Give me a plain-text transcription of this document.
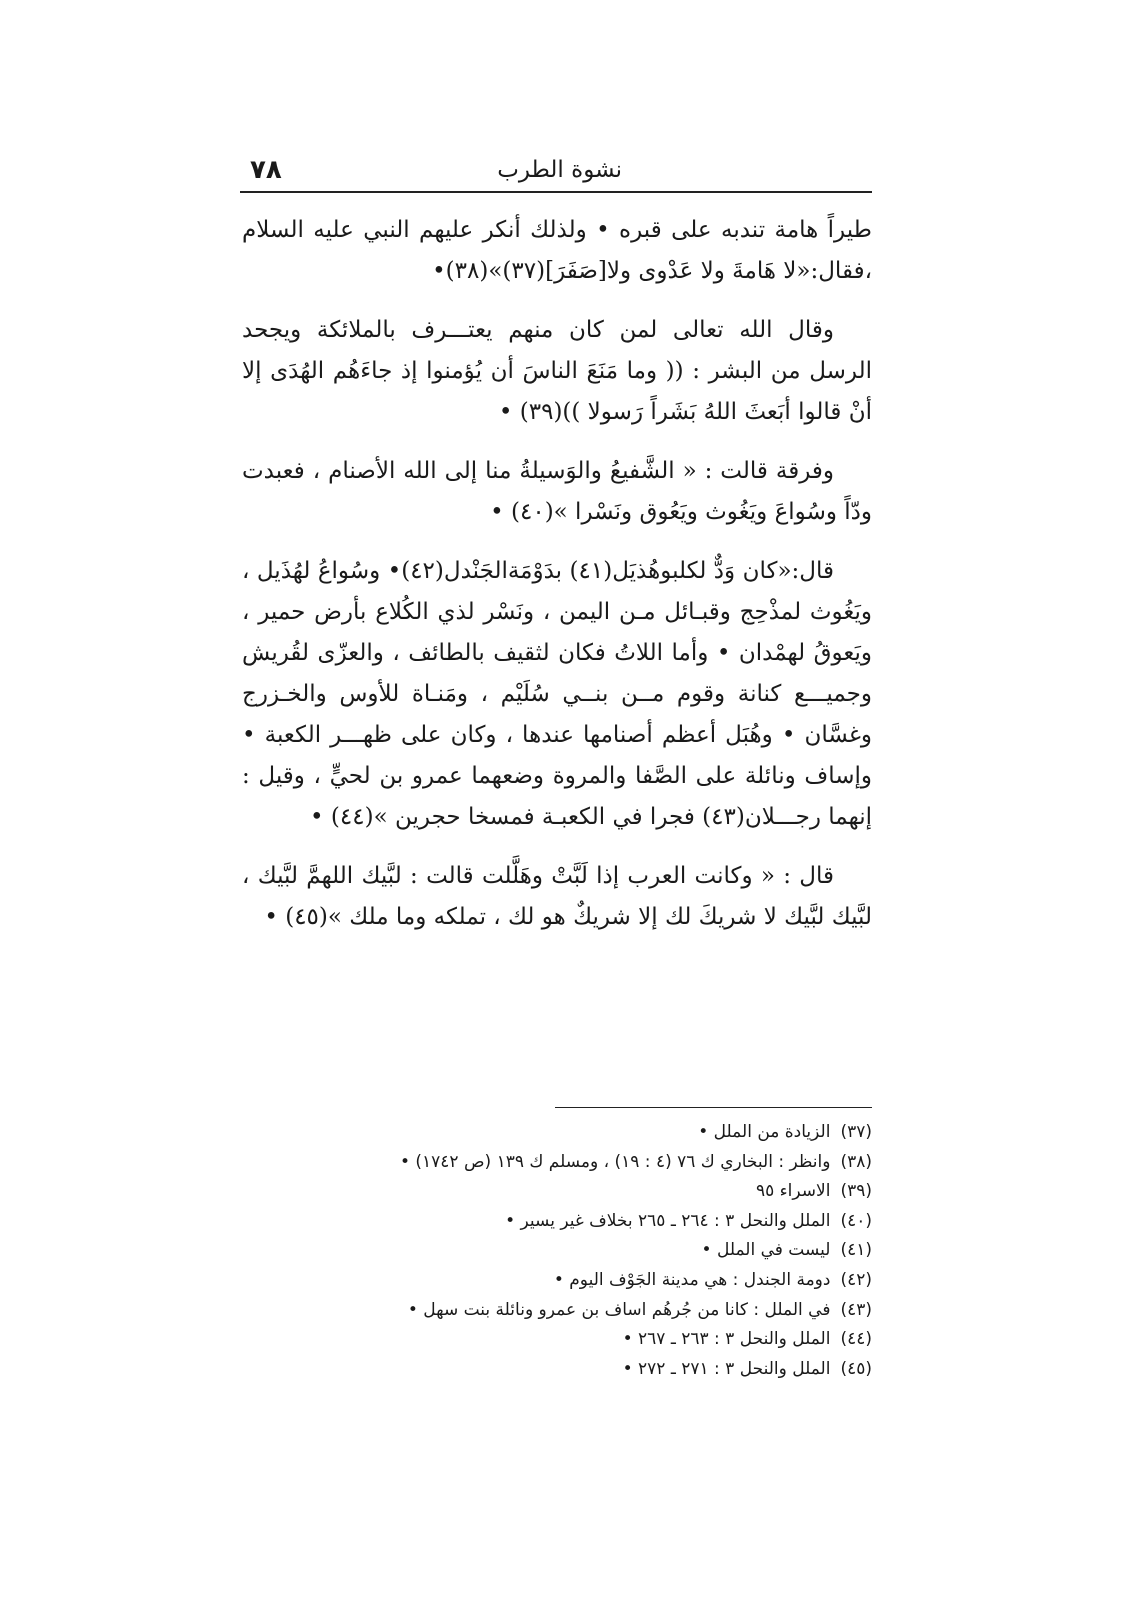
٧٨	نشوة الطرب

طيراً هامة تندبه على قبره • ولذلك أنكر عليهم النبي عليه السلام ،فقال:«لا هَامةَ ولا عَدْوى ولا[صَفَرَ](٣٧)»(٣٨)•

وقال الله تعالى لمن كان منهم يعتـــرف بالملائكة ويجحد الرسل من البشر : (( وما مَنَعَ الناسَ أن يُؤمنوا إذ جاءَهُم الهُدَى إلا أنْ قالوا أبَعثَ اللهُ بَشَراً رَسولا ))(٣٩) •

وفرقة قالت : « الشَّفيعُ والوَسيلةُ منا إلى الله الأصنام ، فعبدت ودّاً وسُواعَ ويَغُوث ويَعُوق ونَسْرا »(٤٠) •

قال:«كان وَدٌّ لكلبوهُذيَل(٤١) بدَوْمَةالجَنْدل(٤٢)• وسُواعُ لهُذَيل ، ويَغُوث لمذْحِج وقبـائل مـن اليمن ، ونَسْر لذي الكُلاع بأرض حمير ، ويَعوقُ لهمْدان • وأما اللاتُ فكان لثقيف بالطائف ، والعزّى لقُريش وجميـــع كنانة وقوم مــن بنــي سُلَيْم ، ومَنـاة للأوس والخـزرج وغسَّان • وهُبَل أعظم أصنامها عندها ، وكان على ظهـــر الكعبة • وإساف ونائلة على الصَّفا والمروة وضعهما عمرو بن لحيٍّ ، وقيل : إنهما رجـــلان(٤٣) فجرا في الكعبـة فمسخا حجرين »(٤٤) •

قال : « وكانت العرب إذا لَبَّتْ وهَلَّلت قالت : لبَّيك اللهمَّ لبَّيك ، لبَّيك لبَّيك لا شريكَ لك إلا شريكٌ هو لك ، تملكه وما ملك »(٤٥) •

(٣٧)الزيادة من الملل •
(٣٨)وانظر : البخاري ك ٧٦ (٤ : ١٩) ، ومسلم ك ١٣٩ (ص ١٧٤٢) •
(٣٩)الاسراء ٩٥
(٤٠)الملل والنحل ٣ : ٢٦٤ ـ ٢٦٥ بخلاف غير يسير •
(٤١)ليست في الملل •
(٤٢)دومة الجندل : هي مدينة الجَوْف اليوم •
(٤٣)في الملل : كانا من جُرهُم اساف بن عمرو ونائلة بنت سهل •
(٤٤)الملل والنحل ٣ : ٢٦٣ ـ ٢٦٧ •
(٤٥)الملل والنحل ٣ : ٢٧١ ـ ٢٧٢ •
